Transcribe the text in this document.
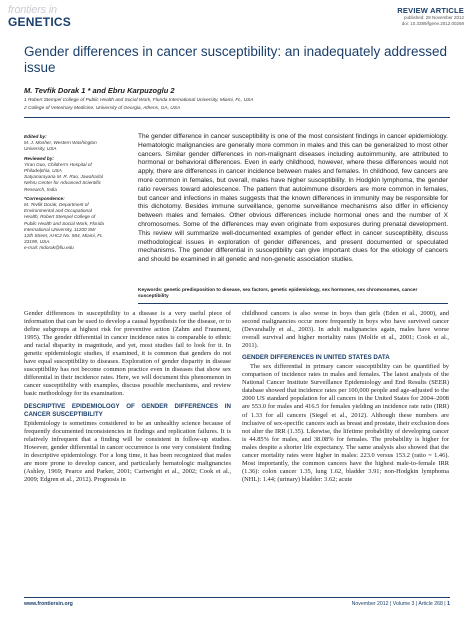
frontiers in
GENETICS
REVIEW ARTICLE
published: 28 November 2012
doi: 10.3389/fgene.2012.00268
Gender differences in cancer susceptibility: an inadequately addressed issue
M. Tevfik Dorak 1 * and Ebru Karpuzoglu 2
1 Robert Stempel College of Public Health and Social Work, Florida International University, Miami, FL, USA
2 College of Veterinary Medicine, University of Georgia, Athens, GA, USA
Edited by:
M. J. Mosher, Western Washington University, USA
Reviewed by:
Yiran Guo, Children's Hospital of Philadelphia, USA
Satyanarayana M. R. Rao, Jawaharlal Nehru Center for Advanced Scientific Research, India
*Correspondence:
M. Tevfik Dorak, Department of Environmental and Occupational Health, Robert Stempel College of Public Health and Social Work, Florida International University, 11200 SW 12th Street, AHC2 No. 584, Miami, FL 33199, USA.
e-mail: mdorak@fiu.edu
The gender difference in cancer susceptibility is one of the most consistent findings in cancer epidemiology. Hematologic malignancies are generally more common in males and this can be generalized to most other cancers. Similar gender differences in non-malignant diseases including autoimmunity, are attributed to hormonal or behavioral differences. Even in early childhood, however, where these differences would not apply, there are differences in cancer incidence between males and females. In childhood, few cancers are more common in females, but overall, males have higher susceptibility. In Hodgkin lymphoma, the gender ratio reverses toward adolescence. The pattern that autoimmune disorders are more common in females, but cancer and infections in males suggests that the known differences in immunity may be responsible for this dichotomy. Besides immune surveillance, genome surveillance mechanisms also differ in efficiency between males and females. Other obvious differences include hormonal ones and the number of X chromosomes. Some of the differences may even originate from exposures during prenatal development. This review will summarize well-documented examples of gender effect in cancer susceptibility, discuss methodological issues in exploration of gender differences, and present documented or speculated mechanisms. The gender differential in susceptibility can give important clues for the etiology of cancers and should be examined in all genetic and non-genetic association studies.
Keywords: genetic predisposition to disease, sex factors, genetic epidemiology, sex hormones, sex chromosomes, cancer susceptibility

Gender differences in susceptibility to a disease is a very useful piece of information that can be used to develop a causal hypothesis for the disease, or to define subgroups at highest risk for preventive action (Zahm and Fraumeni, 1995). The gender differential in cancer incidence rates is comparable to ethnic and racial disparity in magnitude, and yet, most studies fail to look for it. In genetic epidemiologic studies, if examined, it is common that genders do not have equal susceptibility to diseases. Exploration of gender disparity in disease susceptibility has not become common practice even in diseases that show sex differential in their incidence rates. Here, we will document this phenomenon in cancer susceptibility with examples, discuss possible mechanisms, and review basic methodology for its examination.

DESCRIPTIVE EPIDEMIOLOGY OF GENDER DIFFERENCES IN CANCER SUSCEPTIBILITY

Epidemiology is sometimes considered to be an unhealthy science because of frequently documented inconsistencies in findings and replication failures. It is relatively infrequent that a finding will be consistent in follow-up studies. However, gender differential in cancer occurrence is one very consistent finding in descriptive epidemiology. For a long time, it has been recognized that males are more prone to develop cancer, and particularly hematologic malignancies (Ashley, 1969; Pearce and Parker, 2001; Cartwright et al., 2002; Cook et al., 2009; Edgren et al., 2012). Prognosis in

childhood cancers is also worse in boys than girls (Eden et al., 2000), and second malignancies occur more frequently in boys who have survived cancer (Devarahally et al., 2003). In adult malignancies again, males have worse overall survival and higher mortality rates (Molife et al., 2001; Cook et al., 2011).

GENDER DIFFERENCES IN UNITED STATES DATA

The sex differential in primary cancer susceptibility can be quantified by comparison of incidence rates in males and females. The latest analysis of the National Cancer Institute Surveillance Epidemiology and End Results (SEER) database showed that incidence rates per 100,000 people and age-adjusted to the 2000 US standard population for all cancers in the United States for 2004–2008 are 553.0 for males and 416.5 for females yielding an incidence rate ratio (IRR) of 1.33 for all cancers (Siegel et al., 2012). Although these numbers are inclusive of sex-specific cancers such as breast and prostate, their exclusion does not alter the IRR (1.35). Likewise, the lifetime probability of developing cancer is 44.85% for males, and 38.08% for females. The probability is higher for males despite a shorter life expectancy. The same analysis also showed that the cancer mortality rates were higher in males: 223.0 versus 153.2 (ratio = 1.46). Most importantly, the common cancers have the highest male-to-female IRR (1.36): colon cancer 1.35, lung 1.62, bladder 3.91; non-Hodgkin lymphoma (NHL): 1.44; (urinary) bladder: 3.62; acute

www.frontiersin.org	November 2012 | Volume 3 | Article 268 | 1
